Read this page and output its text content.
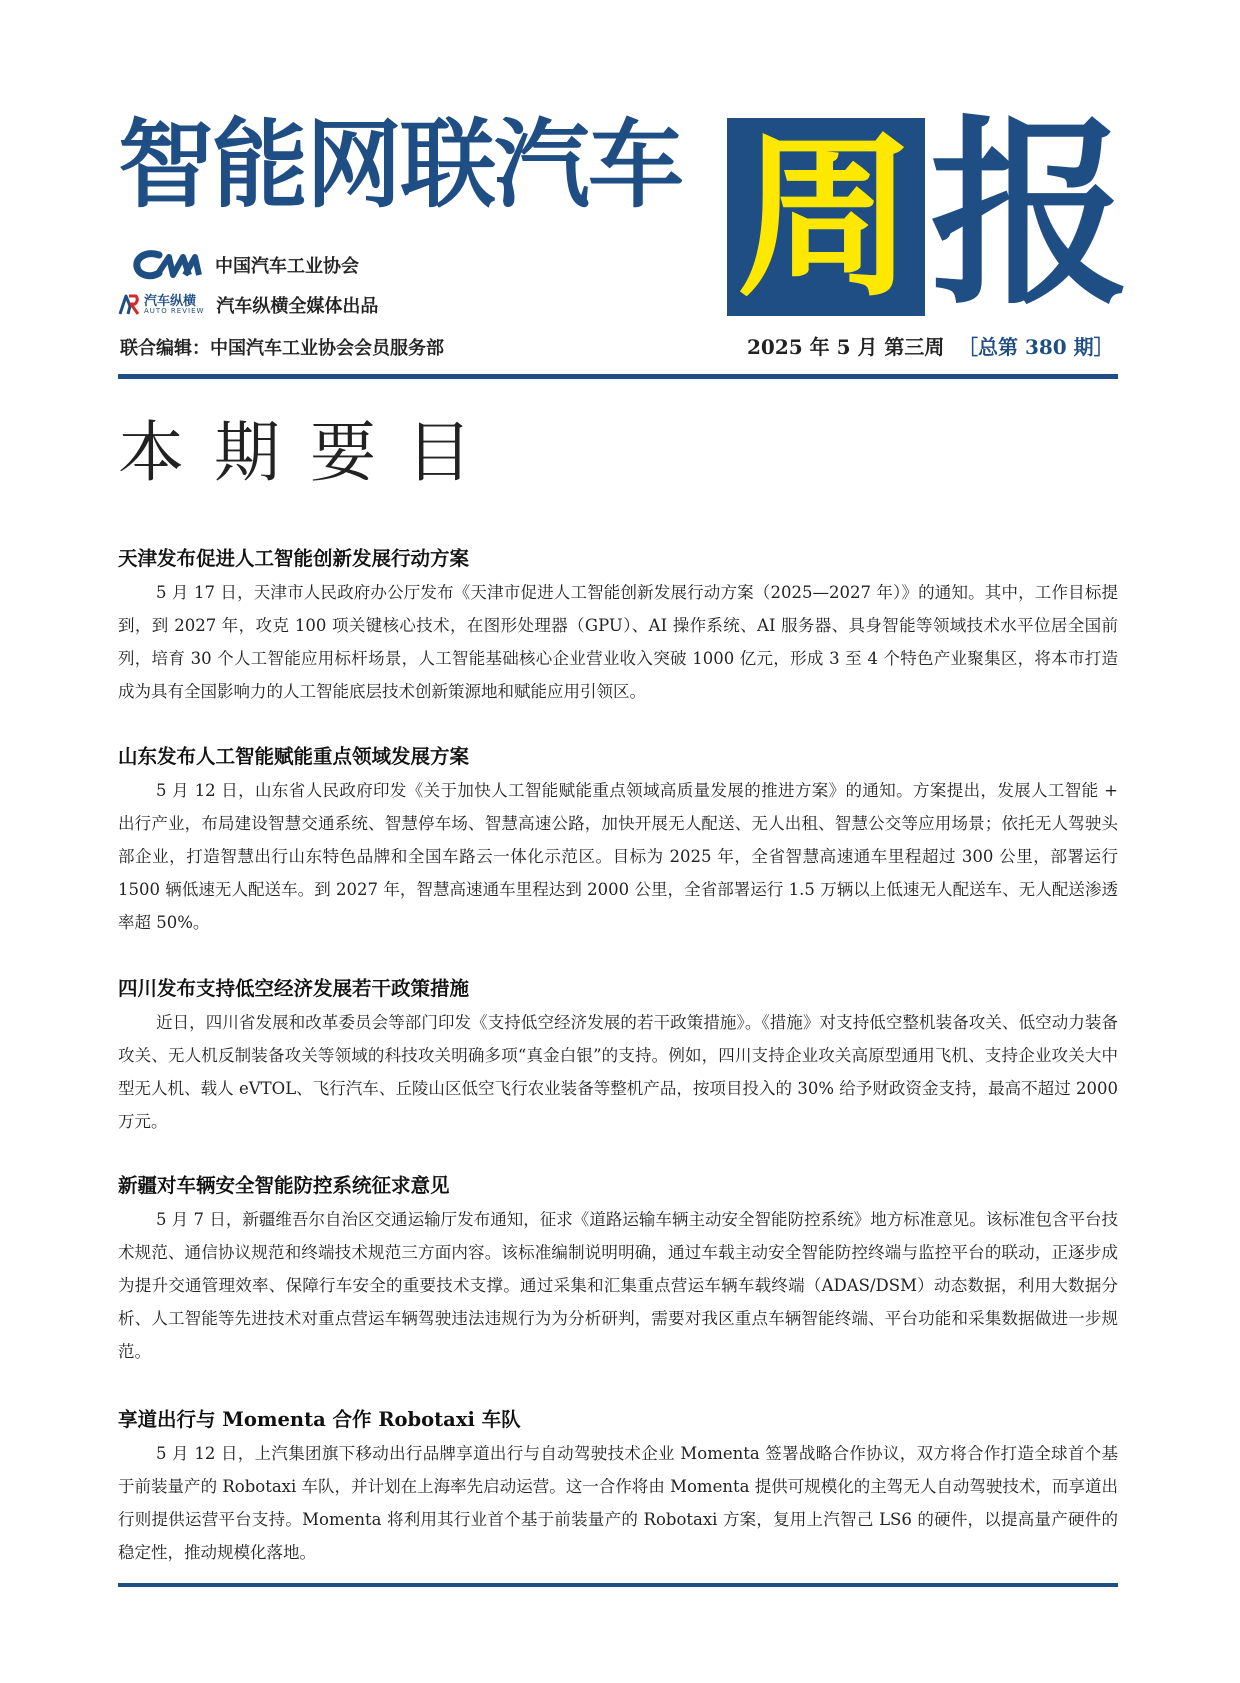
智能网联汽车 周 报
中国汽车工业协会
汽车纵横
AUTO REVIEW 汽车纵横全媒体出品
联合编辑：中国汽车工业协会会员服务部	2025 年 5 月 第三周 ［总第 380 期］
本期要目
天津发布促进人工智能创新发展行动方案

5 月 17 日，天津市人民政府办公厅发布《天津市促进人工智能创新发展行动方案（2025—2027 年）》的通知。其中，工作目标提到，到 2027 年，攻克 100 项关键核心技术，在图形处理器（GPU）、AI 操作系统、AI 服务器、具身智能等领域技术水平位居全国前列，培育 30 个人工智能应用标杆场景，人工智能基础核心企业营业收入突破 1000 亿元，形成 3 至 4 个特色产业聚集区，将本市打造成为具有全国影响力的人工智能底层技术创新策源地和赋能应用引领区。

山东发布人工智能赋能重点领域发展方案

5 月 12 日，山东省人民政府印发《关于加快人工智能赋能重点领域高质量发展的推进方案》的通知。方案提出，发展人工智能 + 出行产业，布局建设智慧交通系统、智慧停车场、智慧高速公路，加快开展无人配送、无人出租、智慧公交等应用场景；依托无人驾驶头部企业，打造智慧出行山东特色品牌和全国车路云一体化示范区。目标为 2025 年，全省智慧高速通车里程超过 300 公里，部署运行 1500 辆低速无人配送车。到 2027 年，智慧高速通车里程达到 2000 公里，全省部署运行 1.5 万辆以上低速无人配送车、无人配送渗透率超 50%。

四川发布支持低空经济发展若干政策措施

近日，四川省发展和改革委员会等部门印发《支持低空经济发展的若干政策措施》。《措施》对支持低空整机装备攻关、低空动力装备攻关、无人机反制装备攻关等领域的科技攻关明确多项“真金白银”的支持。例如，四川支持企业攻关高原型通用飞机、支持企业攻关大中型无人机、载人 eVTOL、飞行汽车、丘陵山区低空飞行农业装备等整机产品，按项目投入的 30% 给予财政资金支持，最高不超过 2000 万元。

新疆对车辆安全智能防控系统征求意见

5 月 7 日，新疆维吾尔自治区交通运输厅发布通知，征求《道路运输车辆主动安全智能防控系统》地方标准意见。该标准包含平台技术规范、通信协议规范和终端技术规范三方面内容。该标准编制说明明确，通过车载主动安全智能防控终端与监控平台的联动，正逐步成为提升交通管理效率、保障行车安全的重要技术支撑。通过采集和汇集重点营运车辆车载终端（ADAS/DSM）动态数据，利用大数据分析、人工智能等先进技术对重点营运车辆驾驶违法违规行为为分析研判，需要对我区重点车辆智能终端、平台功能和采集数据做进一步规范。

享道出行与 Momenta 合作 Robotaxi 车队

5 月 12 日，上汽集团旗下移动出行品牌享道出行与自动驾驶技术企业 Momenta 签署战略合作协议，双方将合作打造全球首个基于前装量产的 Robotaxi 车队，并计划在上海率先启动运营。这一合作将由 Momenta 提供可规模化的主驾无人自动驾驶技术，而享道出行则提供运营平台支持。Momenta 将利用其行业首个基于前装量产的 Robotaxi 方案，复用上汽智己 LS6 的硬件，以提高量产硬件的稳定性，推动规模化落地。
